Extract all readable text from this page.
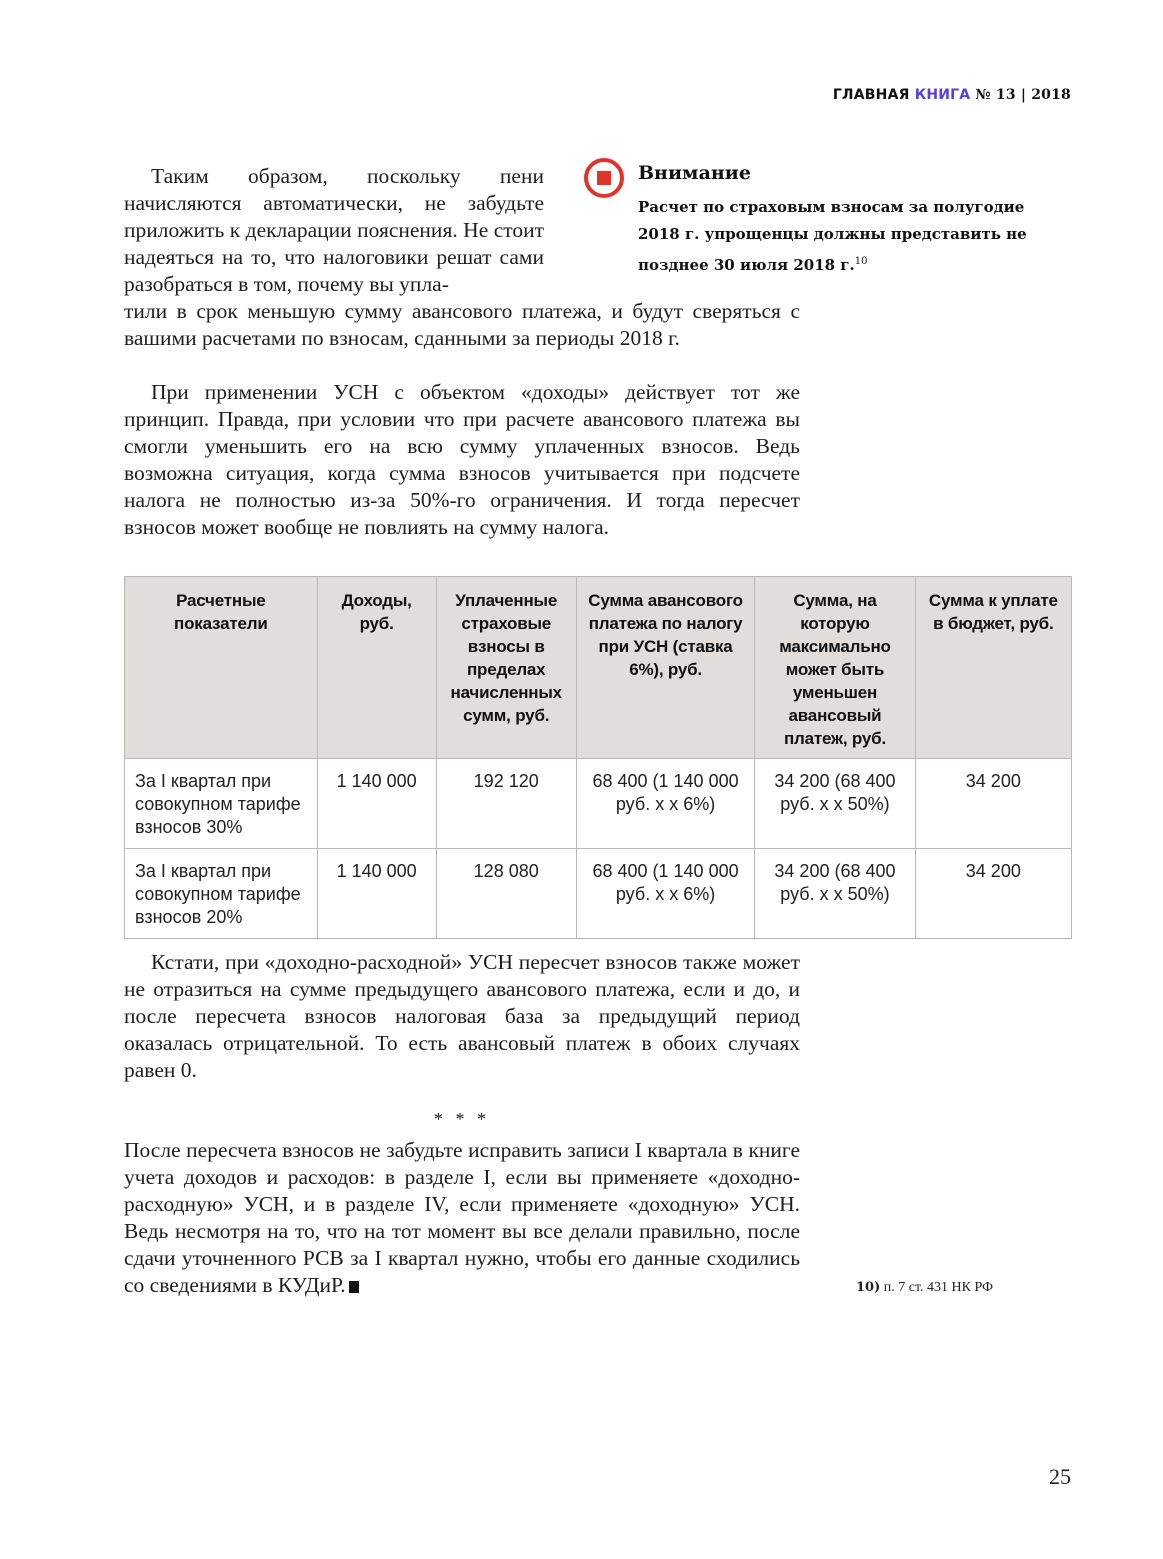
ГЛАВНАЯ КНИГА № 13 | 2018

Таким образом, поскольку пени начисляются автоматически, не забудьте приложить к декларации пояснения. Не стоит надеяться на то, что налоговики решат сами разобраться в том, почему вы упла-

Внимание
Расчет по страховым взносам за полугодие 2018 г. упрощенцы должны представить не позднее 30 июля 2018 г.$^{10}$

тили в срок меньшую сумму авансового платежа, и будут сверяться с вашими расчетами по взносам, сданными за периоды 2018 г.

При применении УСН с объектом «доходы» действует тот же принцип. Правда, при условии что при расчете авансового платежа вы смогли уменьшить его на всю сумму уплаченных взносов. Ведь возможна ситуация, когда сумма взносов учитывается при подсчете налога не полностью из-за 50%-го ограничения. И тогда пересчет взносов может вообще не повлиять на сумму налога.

Расчетные показатели	Доходы, руб.	Уплаченные страховые взносы в пределах начисленных сумм, руб.	Сумма авансового платежа по налогу при УСН (ставка 6%), руб.	Сумма, на которую максимально может быть уменьшен авансовый платеж, руб.	Сумма к уплате в бюджет, руб.
За I квартал при совокупном тарифе взносов 30%	1 140 000	192 120	68 400 (1 140 000 руб. х х 6%)	34 200 (68 400 руб. х х 50%)	34 200
За I квартал при совокупном тарифе взносов 20%	1 140 000	128 080	68 400 (1 140 000 руб. х х 6%)	34 200 (68 400 руб. х х 50%)	34 200

Кстати, при «доходно-расходной» УСН пересчет взносов также может не отразиться на сумме предыдущего авансового платежа, если и до, и после пересчета взносов налоговая база за предыдущий период оказалась отрицательной. То есть авансовый платеж в обоих случаях равен 0.

* * *

После пересчета взносов не забудьте исправить записи I квартала в книге учета доходов и расходов: в разделе I, если вы применяете «доходно-расходную» УСН, и в разделе IV, если применяете «доходную» УСН. Ведь несмотря на то, что на тот момент вы все делали правильно, после сдачи уточненного РСВ за I квартал нужно, чтобы его данные сходились со сведениями в КУДиР.	10) п. 7 ст. 431 НК РФ
25
